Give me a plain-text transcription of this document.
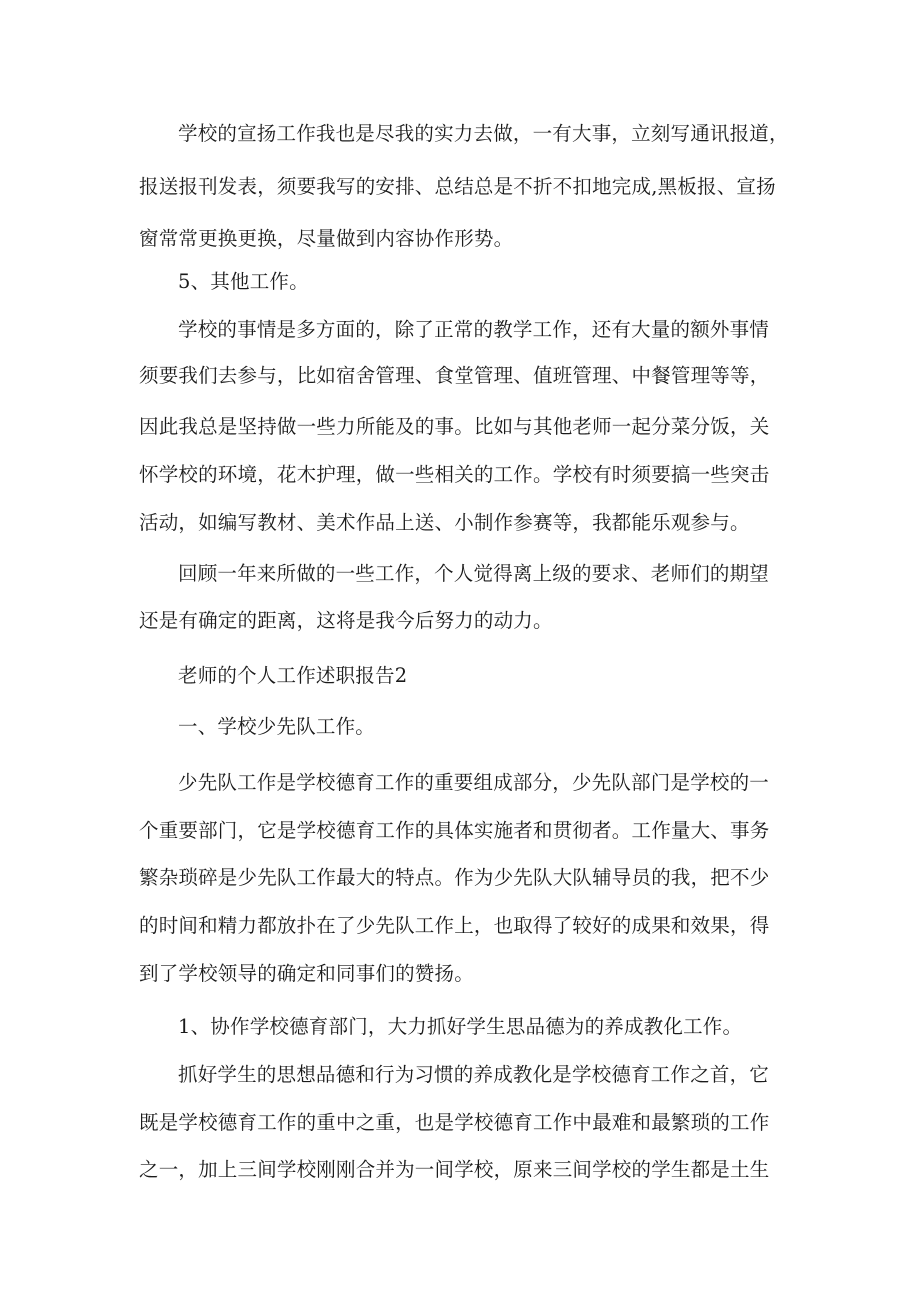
学校的宣扬工作我也是尽我的实力去做，一有大事，立刻写通讯报道，
报送报刊发表，须要我写的安排、总结总是不折不扣地完成,黑板报、宣扬
窗常常更换更换，尽量做到内容协作形势。
5、其他工作。
学校的事情是多方面的，除了正常的教学工作，还有大量的额外事情
须要我们去参与，比如宿舍管理、食堂管理、值班管理、中餐管理等等，
因此我总是坚持做一些力所能及的事。比如与其他老师一起分菜分饭，关
怀学校的环境，花木护理，做一些相关的工作。学校有时须要搞一些突击
活动，如编写教材、美术作品上送、小制作参赛等，我都能乐观参与。
回顾一年来所做的一些工作，个人觉得离上级的要求、老师们的期望
还是有确定的距离，这将是我今后努力的动力。
老师的个人工作述职报告2
一、学校少先队工作。
少先队工作是学校德育工作的重要组成部分，少先队部门是学校的一
个重要部门，它是学校德育工作的具体实施者和贯彻者。工作量大、事务
繁杂琐碎是少先队工作最大的特点。作为少先队大队辅导员的我，把不少
的时间和精力都放扑在了少先队工作上，也取得了较好的成果和效果，得
到了学校领导的确定和同事们的赞扬。
1、协作学校德育部门，大力抓好学生思品德为的养成教化工作。
抓好学生的思想品德和行为习惯的养成教化是学校德育工作之首，它
既是学校德育工作的重中之重，也是学校德育工作中最难和最繁琐的工作
之一，加上三间学校刚刚合并为一间学校，原来三间学校的学生都是土生
